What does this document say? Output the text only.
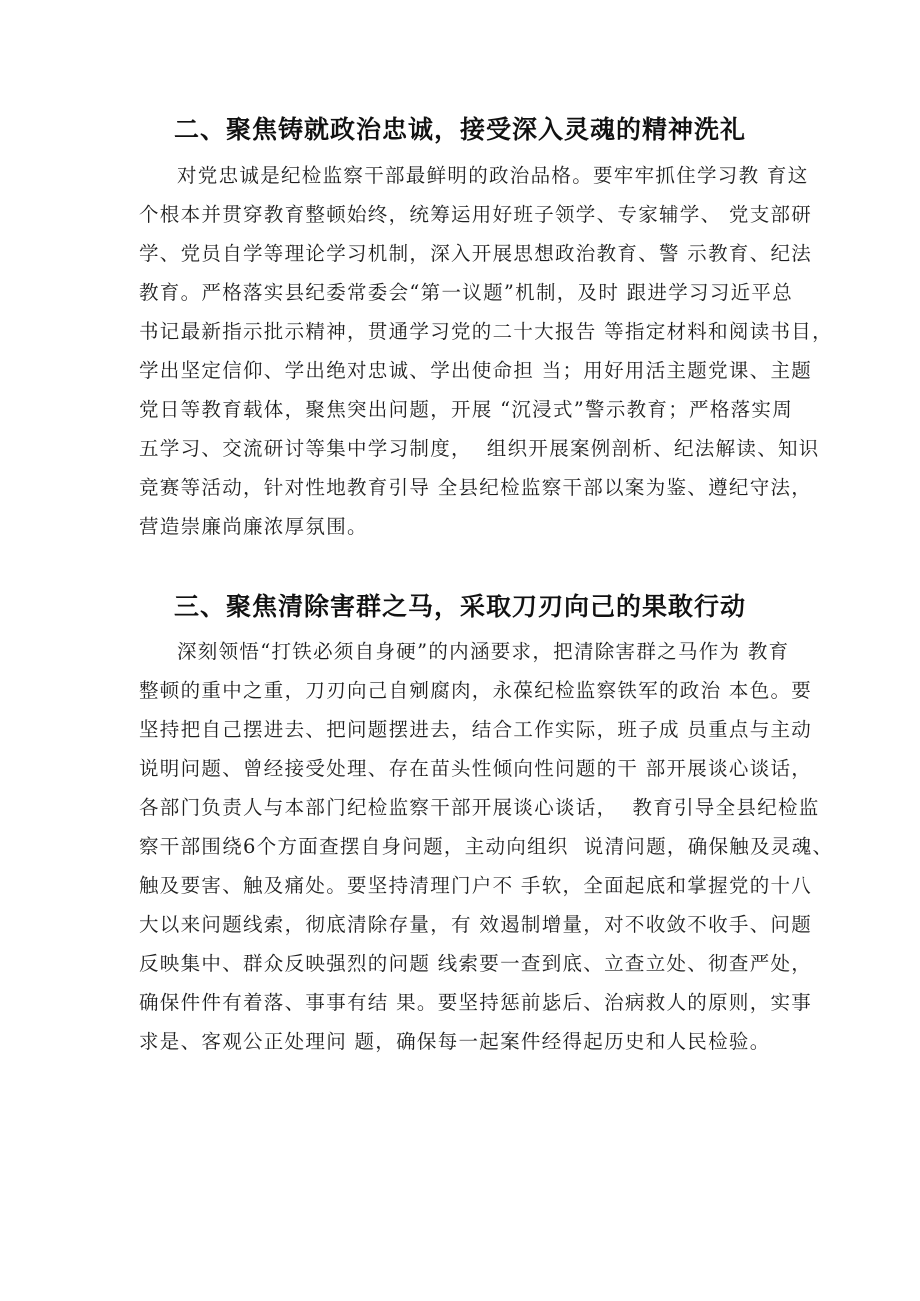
二、聚焦铸就政治忠诚，接受深入灵魂的精神洗礼
对党忠诚是纪检监察干部最鲜明的政治品格。要牢牢抓住学习教 育这
个根本并贯穿教育整顿始终，统筹运用好班子领学、专家辅学、 党支部研
学、党员自学等理论学习机制，深入开展思想政治教育、警 示教育、纪法
教育。严格落实县纪委常委会“第一议题”机制，及时 跟进学习习近平总
书记最新指示批示精神，贯通学习党的二十大报告 等指定材料和阅读书目，
学出坚定信仰、学出绝对忠诚、学出使命担 当；用好用活主题党课、主题
党日等教育载体，聚焦突出问题，开展 “沉浸式”警示教育；严格落实周
五学习、交流研讨等集中学习制度，  组织开展案例剖析、纪法解读、知识
竞赛等活动，针对性地教育引导 全县纪检监察干部以案为鉴、遵纪守法，
营造崇廉尚廉浓厚氛围。
三、聚焦清除害群之马，采取刀刃向己的果敢行动
深刻领悟“打铁必须自身硬”的内涵要求，把清除害群之马作为 教育
整顿的重中之重，刀刃向己自剜腐肉，永葆纪检监察铁军的政治 本色。要
坚持把自己摆进去、把问题摆进去，结合工作实际，班子成 员重点与主动
说明问题、曾经接受处理、存在苗头性倾向性问题的干 部开展谈心谈话，
各部门负责人与本部门纪检监察干部开展谈心谈话，  教育引导全县纪检监
察干部围绕6个方面查摆自身问题，主动向组织  说清问题，确保触及灵魂、
触及要害、触及痛处。要坚持清理门户不 手软，全面起底和掌握党的十八
大以来问题线索，彻底清除存量，有 效遏制增量，对不收敛不收手、问题
反映集中、群众反映强烈的问题 线索要一查到底、立查立处、彻查严处，
确保件件有着落、事事有结 果。要坚持惩前毖后、治病救人的原则，实事
求是、客观公正处理问 题，确保每一起案件经得起历史和人民检验。
